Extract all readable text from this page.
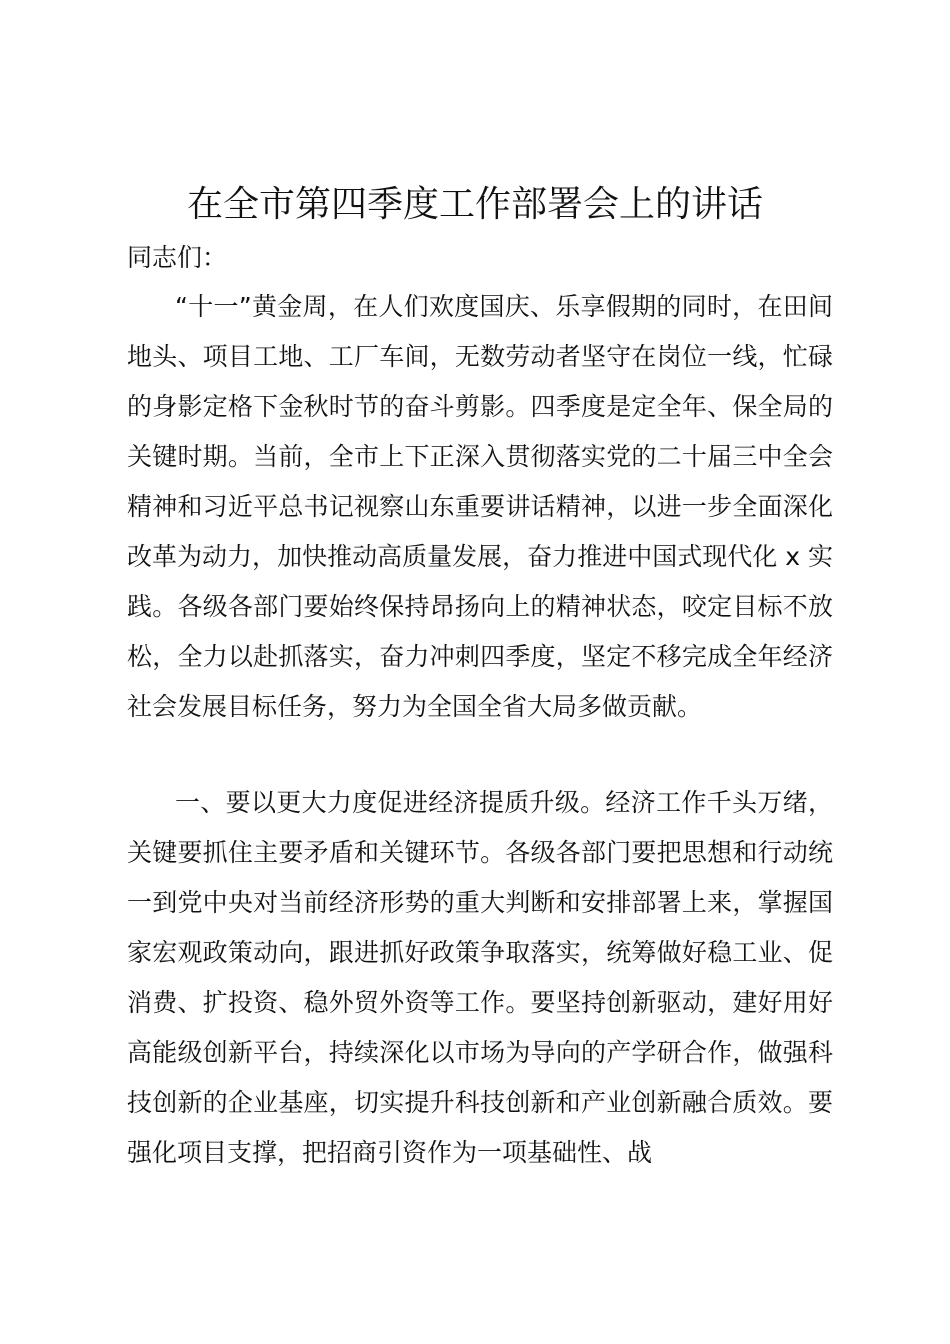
在全市第四季度工作部署会上的讲话

同志们：

“十一”黄金周，在人们欢度国庆、乐享假期的同时，在田间地头、项目工地、工厂车间，无数劳动者坚守在岗位一线，忙碌的身影定格下金秋时节的奋斗剪影。四季度是定全年、保全局的关键时期。当前，全市上下正深入贯彻落实党的二十届三中全会精神和习近平总书记视察山东重要讲话精神，以进一步全面深化改革为动力，加快推动高质量发展，奋力推进中国式现代化 x 实践。各级各部门要始终保持昂扬向上的精神状态，咬定目标不放松，全力以赴抓落实，奋力冲刺四季度，坚定不移完成全年经济社会发展目标任务，努力为全国全省大局多做贡献。

一、要以更大力度促进经济提质升级。经济工作千头万绪，关键要抓住主要矛盾和关键环节。各级各部门要把思想和行动统一到党中央对当前经济形势的重大判断和安排部署上来，掌握国家宏观政策动向，跟进抓好政策争取落实，统筹做好稳工业、促消费、扩投资、稳外贸外资等工作。要坚持创新驱动，建好用好高能级创新平台，持续深化以市场为导向的产学研合作，做强科技创新的企业基座，切实提升科技创新和产业创新融合质效。要强化项目支撑，把招商引资作为一项基础性、战
